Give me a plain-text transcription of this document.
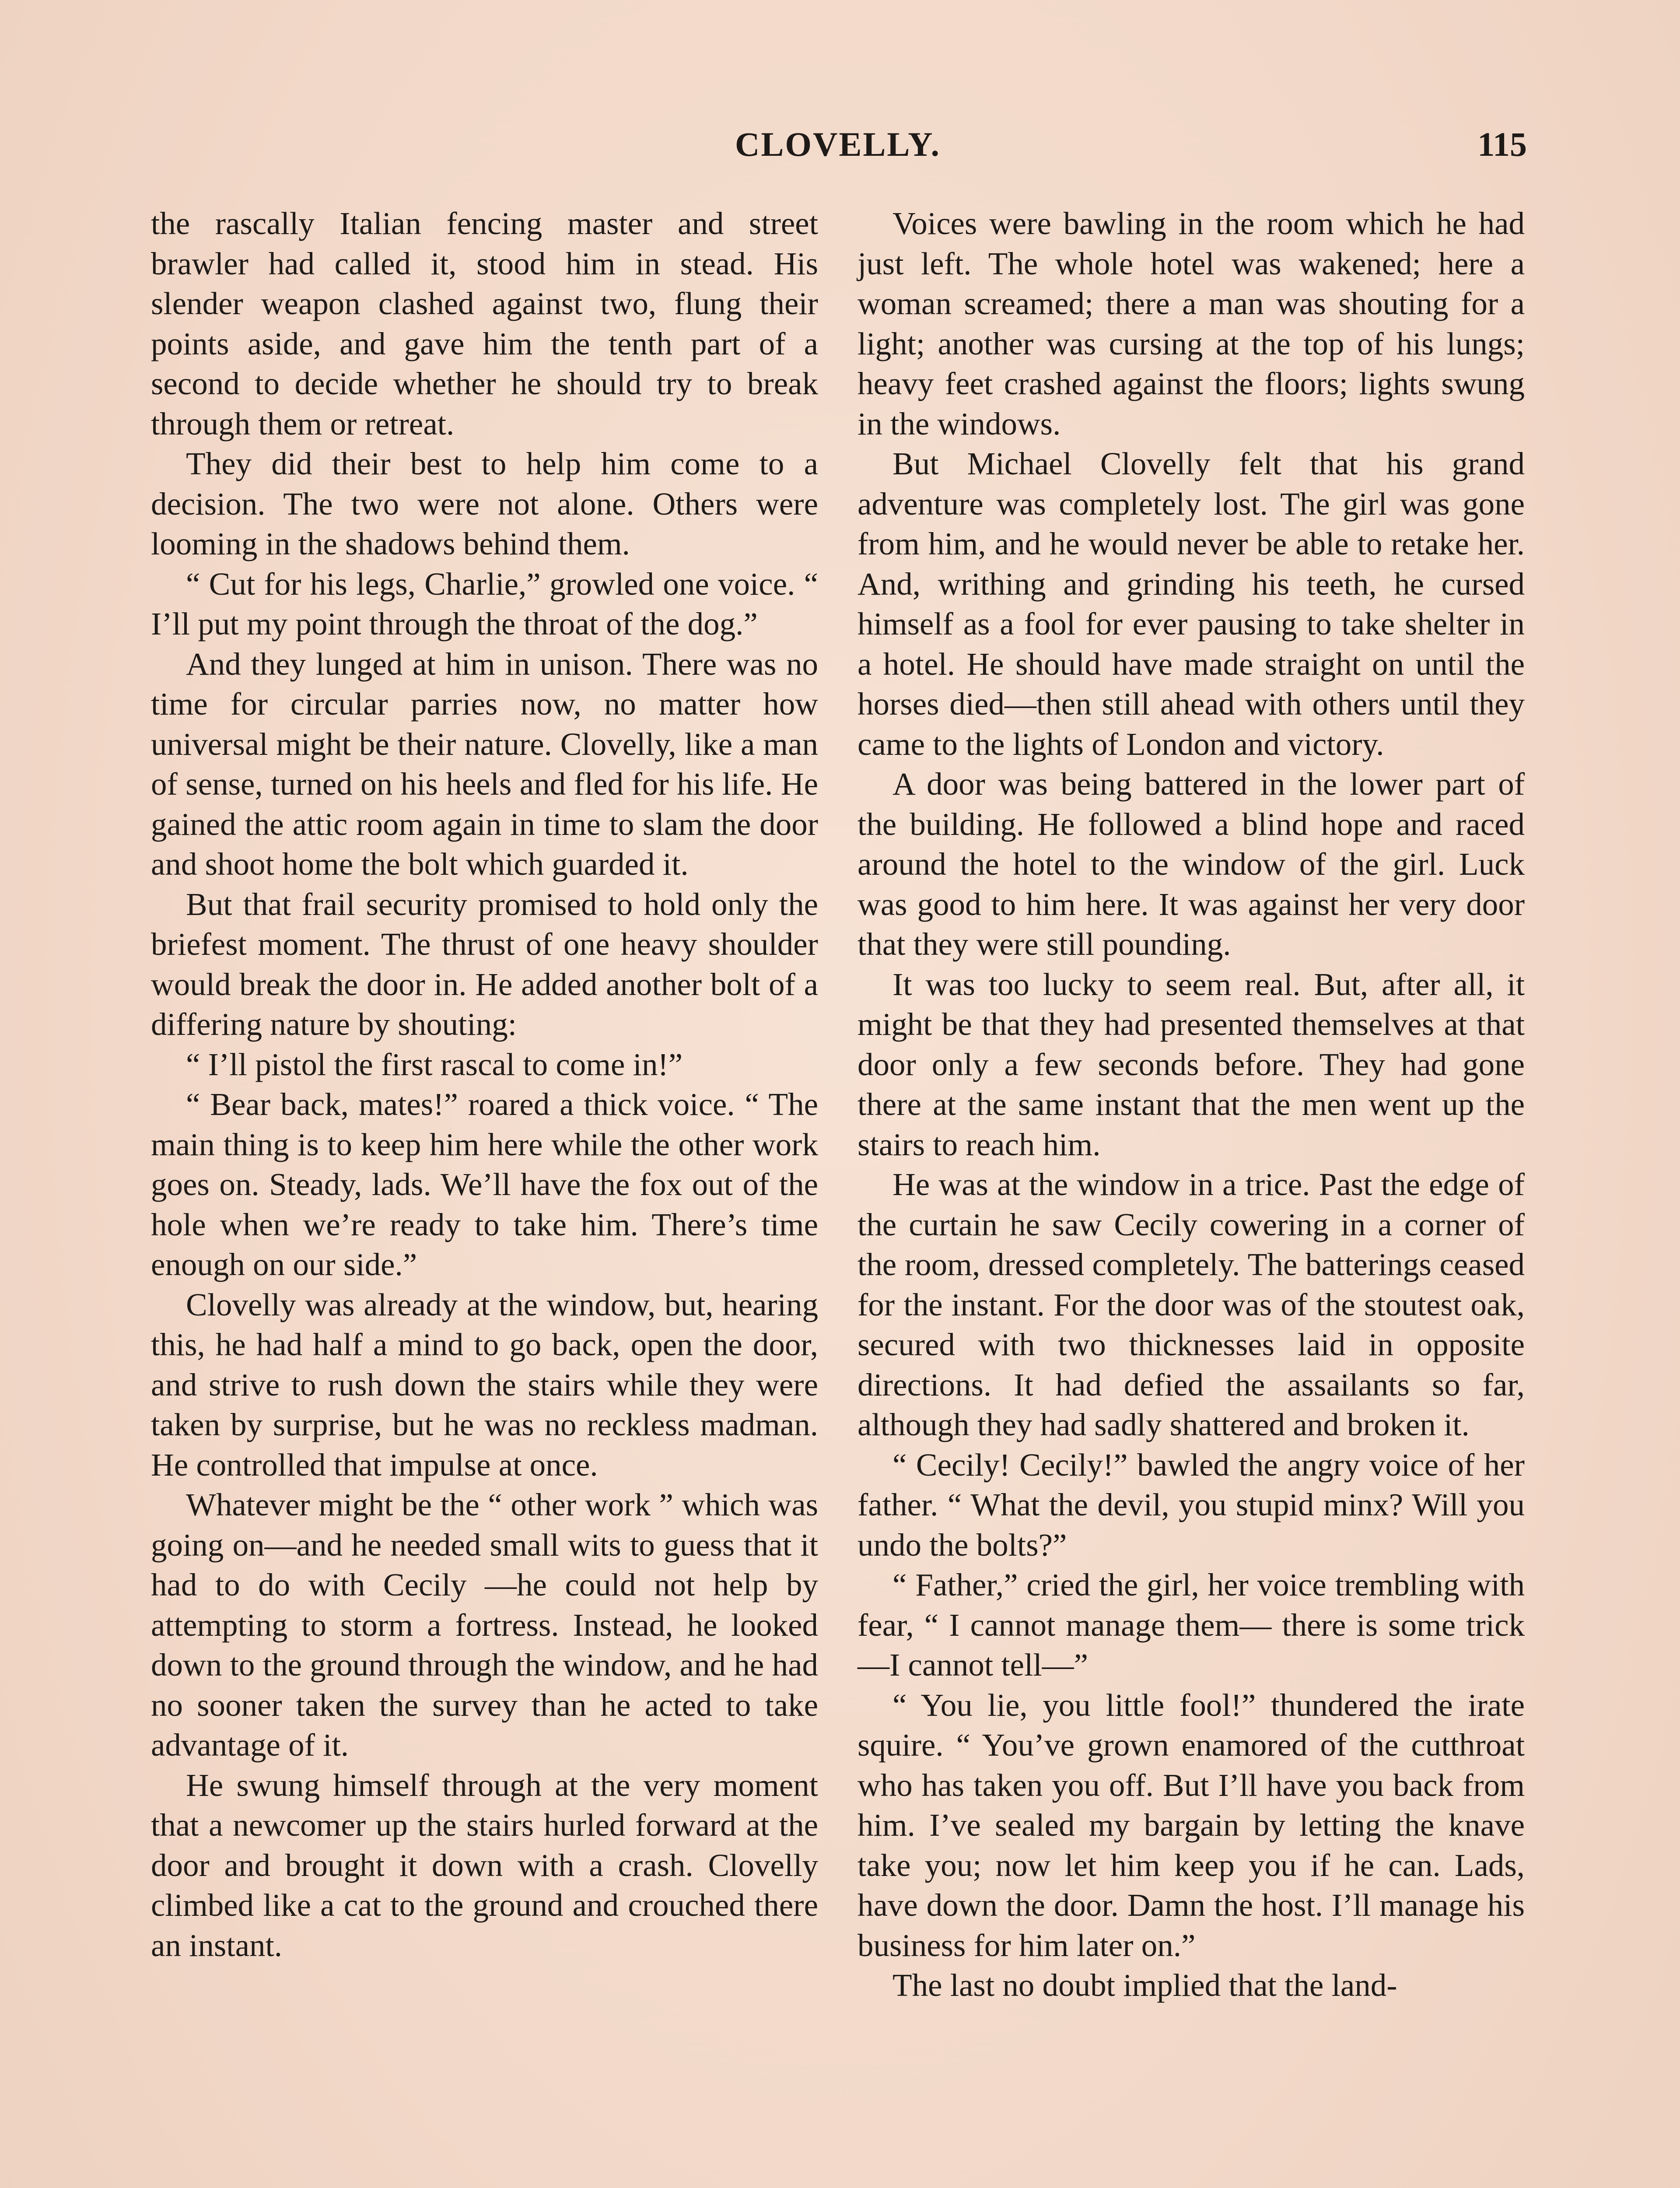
CLOVELLY.	115

the rascally Italian fencing master and street brawler had called it, stood him in stead. His slender weapon clashed against two, flung their points aside, and gave him the tenth part of a second to decide whether he should try to break through them or retreat.

They did their best to help him come to a decision. The two were not alone. Others were looming in the shadows behind them.

“ Cut for his legs, Charlie,” growled one voice. “ I’ll put my point through the throat of the dog.”

And they lunged at him in unison. There was no time for circular parries now, no matter how universal might be their nature. Clovelly, like a man of sense, turned on his heels and fled for his life. He gained the attic room again in time to slam the door and shoot home the bolt which guarded it.

But that frail security promised to hold only the briefest moment. The thrust of one heavy shoulder would break the door in. He added another bolt of a differing nature by shouting:

“ I’ll pistol the first rascal to come in!”

“ Bear back, mates!” roared a thick voice. “ The main thing is to keep him here while the other work goes on. Steady, lads. We’ll have the fox out of the hole when we’re ready to take him. There’s time enough on our side.”

Clovelly was already at the window, but, hearing this, he had half a mind to go back, open the door, and strive to rush down the stairs while they were taken by surprise, but he was no reckless madman. He controlled that impulse at once.

Whatever might be the “ other work ” which was going on—and he needed small wits to guess that it had to do with Cecily —he could not help by attempting to storm a fortress. Instead, he looked down to the ground through the window, and he had no sooner taken the survey than he acted to take advantage of it.

He swung himself through at the very moment that a newcomer up the stairs hurled forward at the door and brought it down with a crash. Clovelly climbed like a cat to the ground and crouched there an instant.

Voices were bawling in the room which he had just left. The whole hotel was wakened; here a woman screamed; there a man was shouting for a light; another was cursing at the top of his lungs; heavy feet crashed against the floors; lights swung in the windows.

But Michael Clovelly felt that his grand adventure was completely lost. The girl was gone from him, and he would never be able to retake her. And, writhing and grinding his teeth, he cursed himself as a fool for ever pausing to take shelter in a hotel. He should have made straight on until the horses died—then still ahead with others until they came to the lights of London and victory.

A door was being battered in the lower part of the building. He followed a blind hope and raced around the hotel to the window of the girl. Luck was good to him here. It was against her very door that they were still pounding.

It was too lucky to seem real. But, after all, it might be that they had presented themselves at that door only a few seconds before. They had gone there at the same instant that the men went up the stairs to reach him.

He was at the window in a trice. Past the edge of the curtain he saw Cecily cowering in a corner of the room, dressed completely. The batterings ceased for the instant. For the door was of the stoutest oak, secured with two thicknesses laid in opposite directions. It had defied the assailants so far, although they had sadly shattered and broken it.

“ Cecily! Cecily!” bawled the angry voice of her father. “ What the devil, you stupid minx? Will you undo the bolts?”

“ Father,” cried the girl, her voice trembling with fear, “ I cannot manage them— there is some trick—I cannot tell—”

“ You lie, you little fool!” thundered the irate squire. “ You’ve grown enamored of the cutthroat who has taken you off. But I’ll have you back from him. I’ve sealed my bargain by letting the knave take you; now let him keep you if he can. Lads, have down the door. Damn the host. I’ll manage his business for him later on.”

The last no doubt implied that the land-
